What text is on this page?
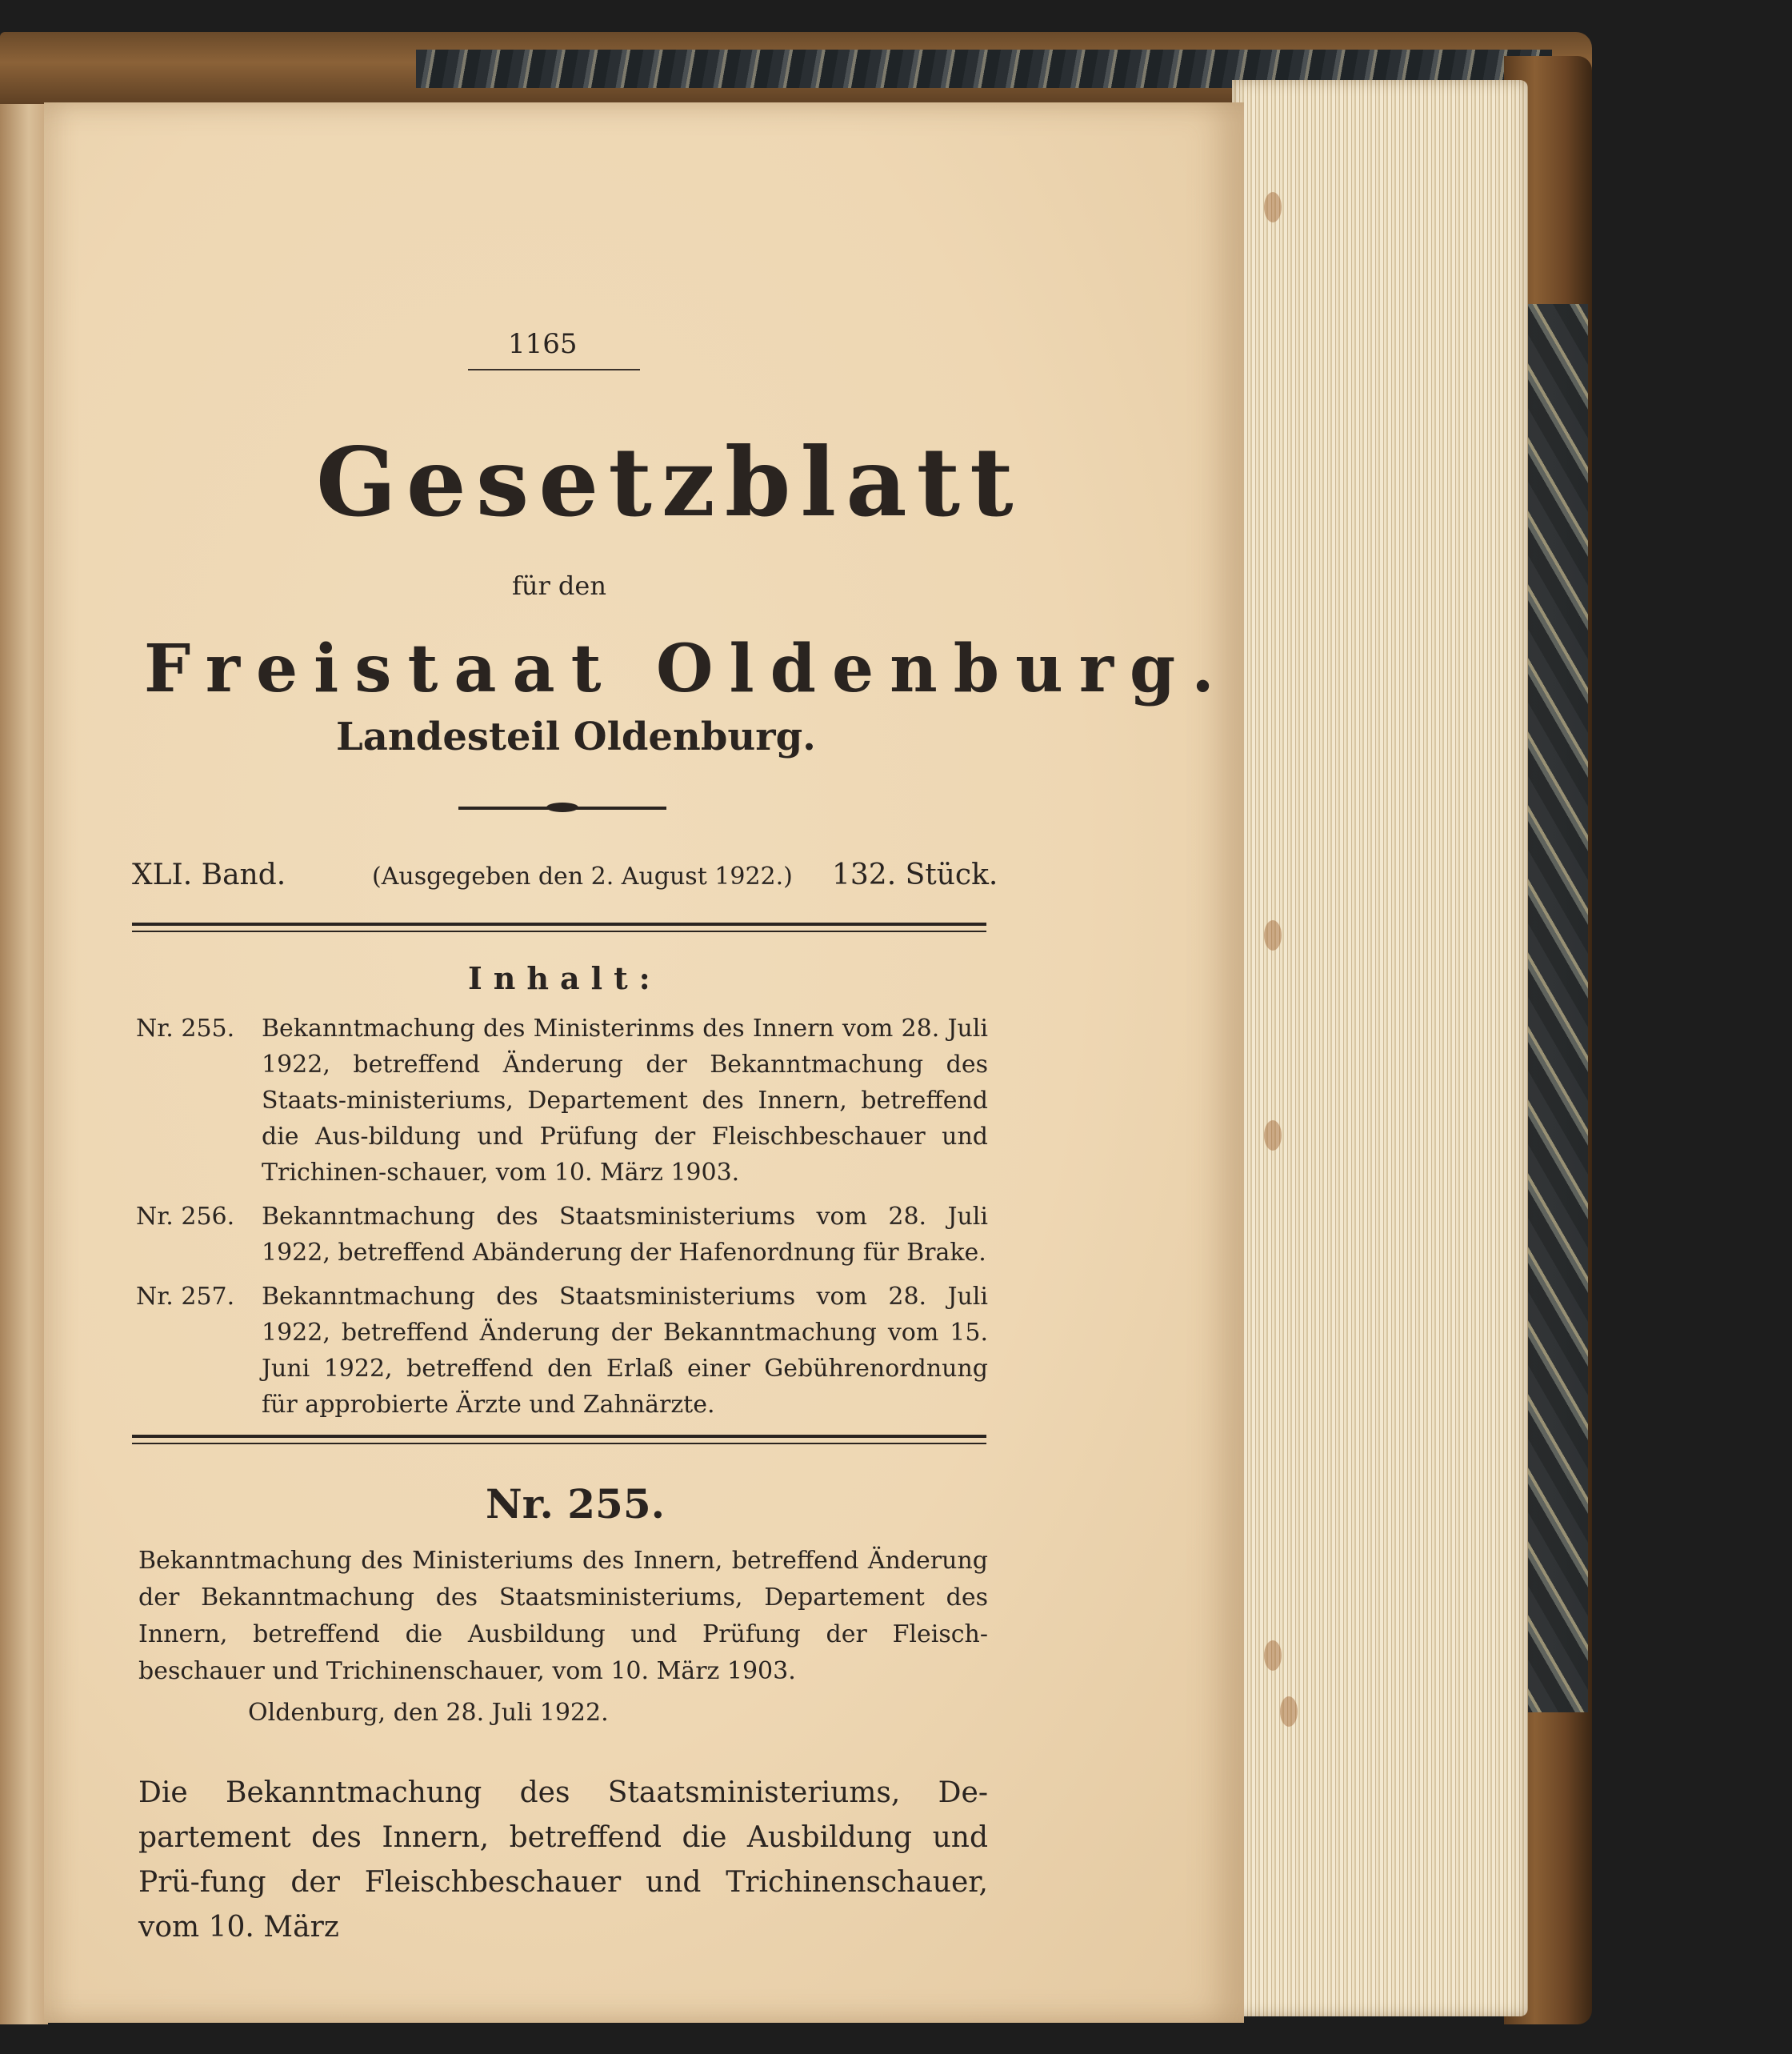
1165
Gesetzblatt
für den
Freistaat Oldenburg.
Landesteil Oldenburg.
XLI. Band.	(Ausgegeben den 2. August 1922.) 132. Stück.
Inhalt:
Nr. 255. Bekanntmachung des Ministerinms des Innern vom 28. Juli 1922, betreffend Änderung der Bekanntmachung des Staats-ministeriums, Departement des Innern, betreffend die Aus-bildung und Prüfung der Fleischbeschauer und Trichinen-schauer, vom 10. März 1903.
Nr. 256. Bekanntmachung des Staatsministeriums vom 28. Juli 1922, betreffend Abänderung der Hafenordnung für Brake.
Nr. 257. Bekanntmachung des Staatsministeriums vom 28. Juli 1922, betreffend Änderung der Bekanntmachung vom 15. Juni 1922, betreffend den Erlaß einer Gebührenordnung für approbierte Ärzte und Zahnärzte.
Nr. 255.
Bekanntmachung des Ministeriums des Innern, betreffend Änderung der Bekanntmachung des Staatsministeriums, Departement des Innern, betreffend die Ausbildung und Prüfung der Fleisch-beschauer und Trichinenschauer, vom 10. März 1903.
Oldenburg, den 28. Juli 1922.
Die Bekanntmachung des Staatsministeriums, De-partement des Innern, betreffend die Ausbildung und Prü-fung der Fleischbeschauer und Trichinenschauer, vom 10. März
